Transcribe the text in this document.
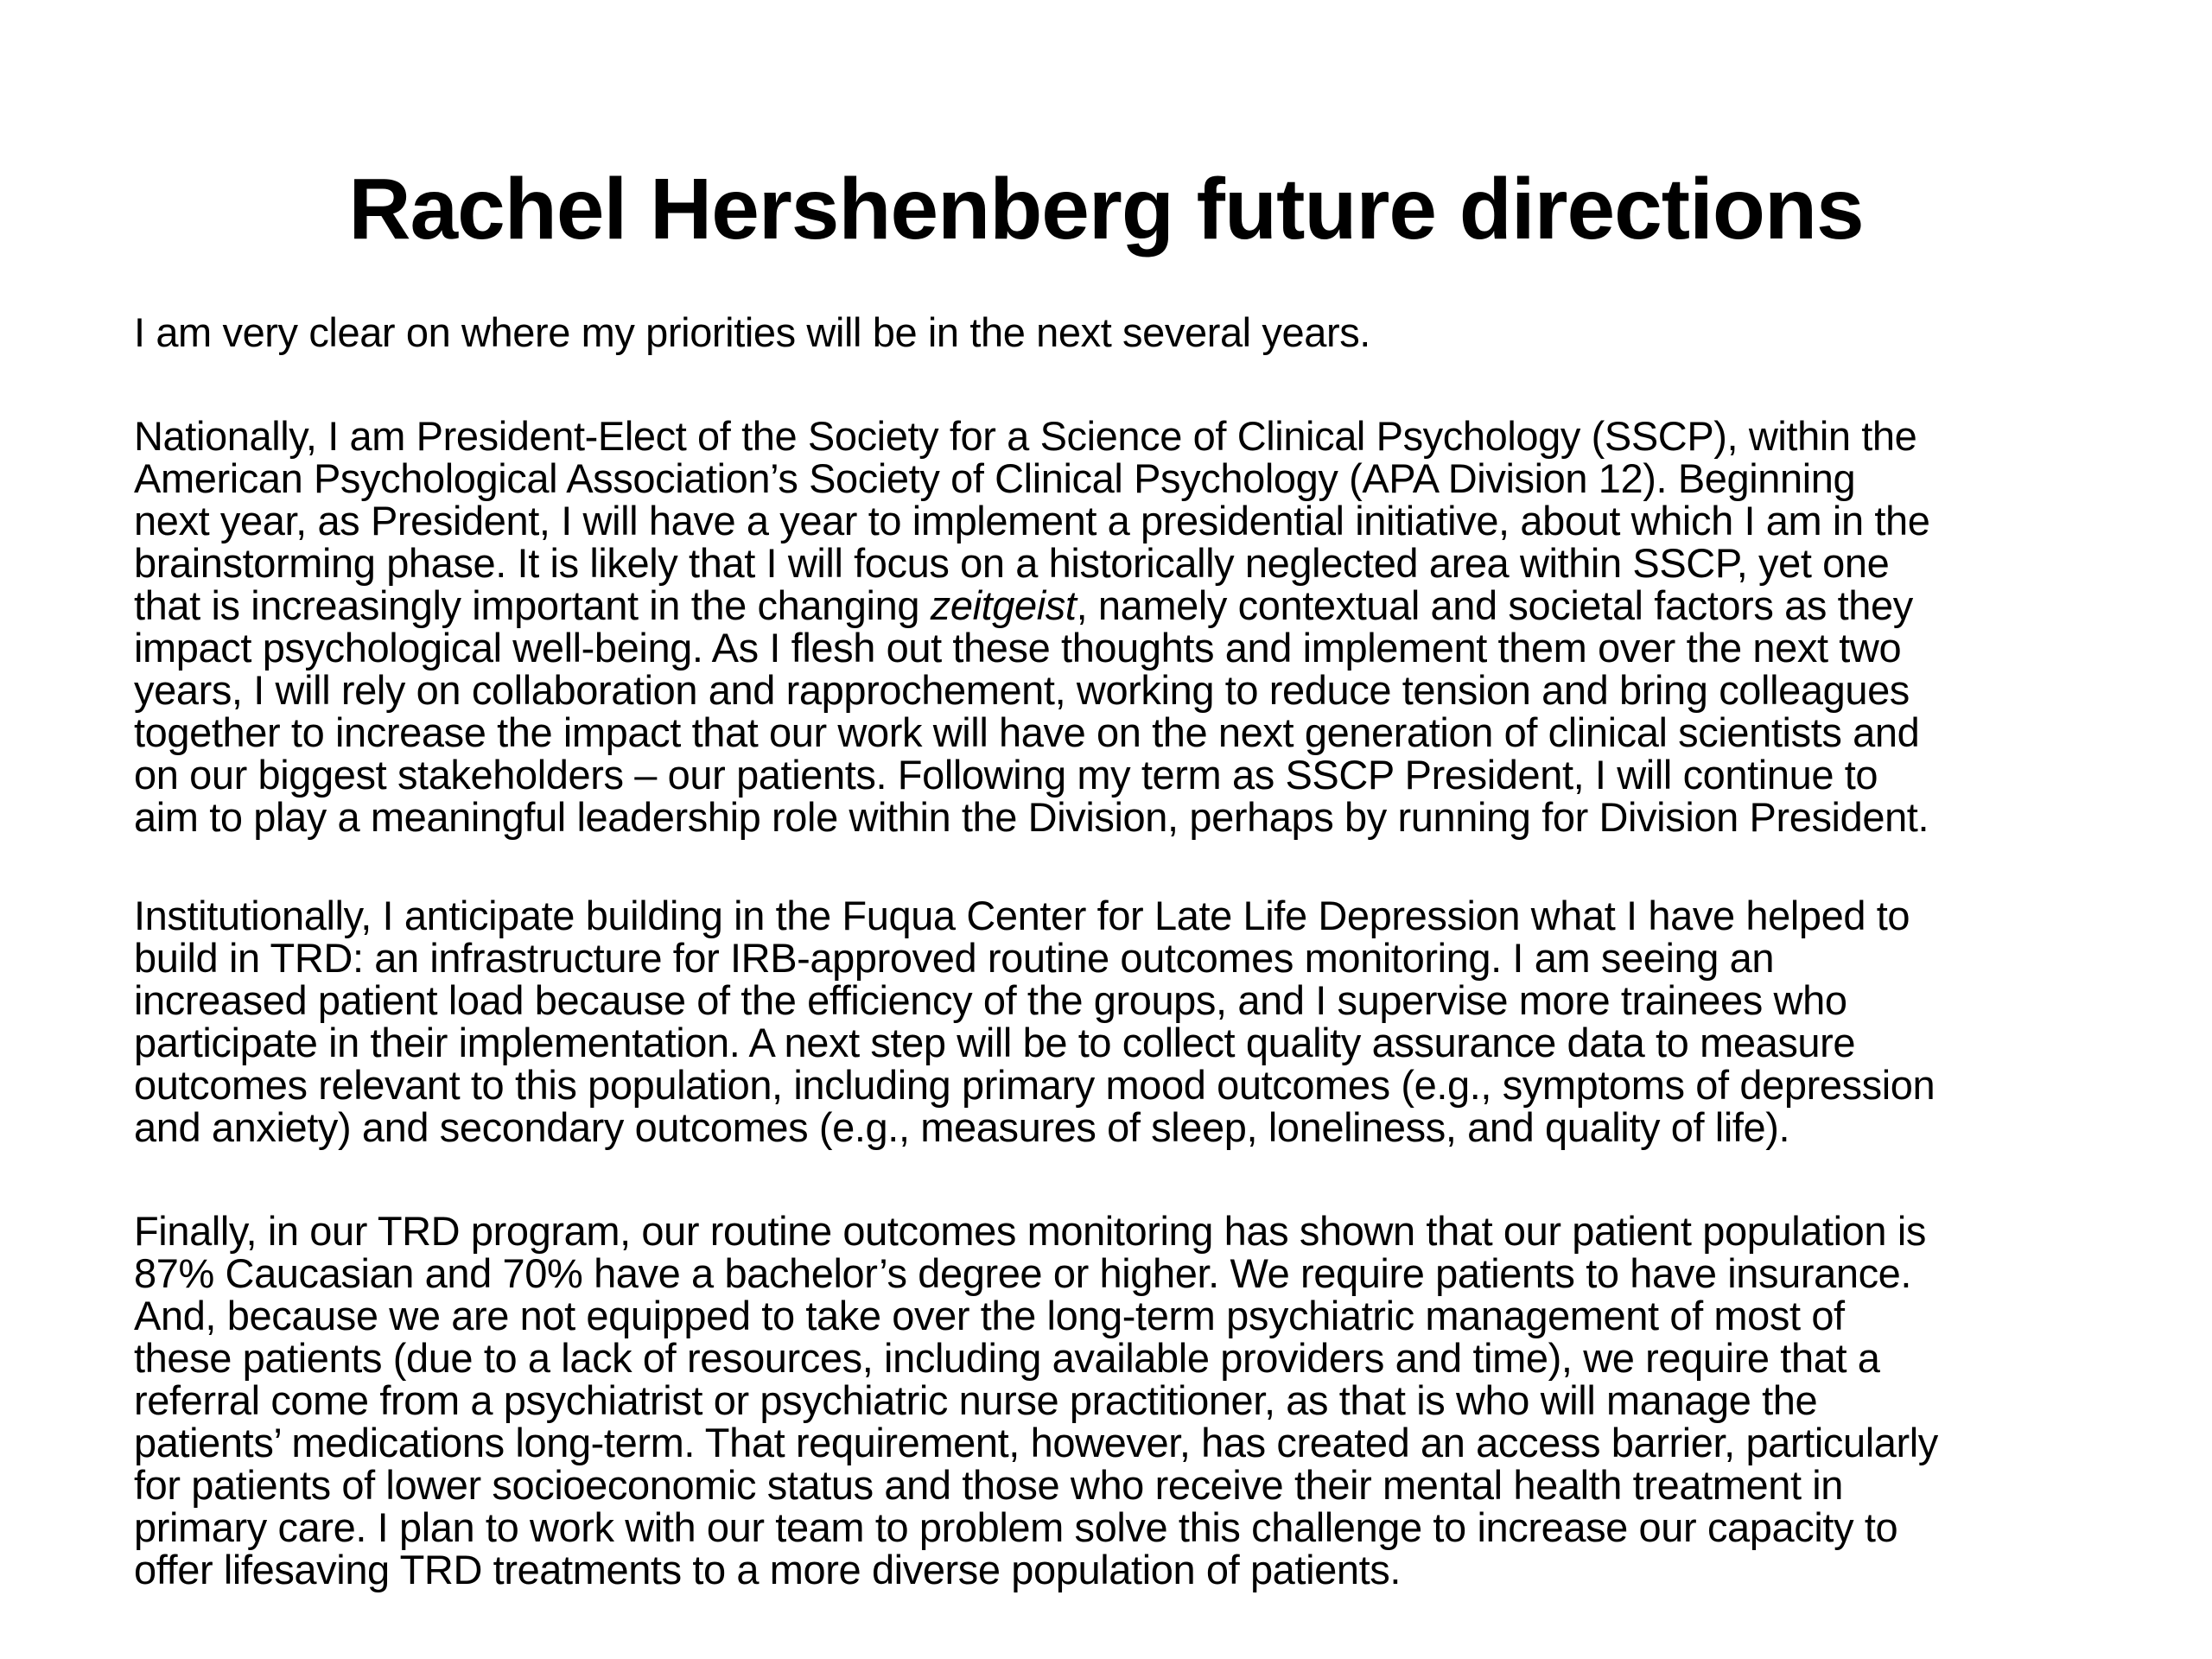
Rachel Hershenberg future directions

I am very clear on where my priorities will be in the next several years.

Nationally, I am President-Elect of the Society for a Science of Clinical Psychology (SSCP), within the
American Psychological Association’s Society of Clinical Psychology (APA Division 12). Beginning
next year, as President, I will have a year to implement a presidential initiative, about which I am in the
brainstorming phase. It is likely that I will focus on a historically neglected area within SSCP, yet one
that is increasingly important in the changing zeitgeist, namely contextual and societal factors as they
impact psychological well-being. As I flesh out these thoughts and implement them over the next two
years, I will rely on collaboration and rapprochement, working to reduce tension and bring colleagues
together to increase the impact that our work will have on the next generation of clinical scientists and
on our biggest stakeholders – our patients. Following my term as SSCP President, I will continue to
aim to play a meaningful leadership role within the Division, perhaps by running for Division President.

Institutionally, I anticipate building in the Fuqua Center for Late Life Depression what I have helped to
build in TRD: an infrastructure for IRB-approved routine outcomes monitoring. I am seeing an
increased patient load because of the efficiency of the groups, and I supervise more trainees who
participate in their implementation. A next step will be to collect quality assurance data to measure
outcomes relevant to this population, including primary mood outcomes (e.g., symptoms of depression
and anxiety) and secondary outcomes (e.g., measures of sleep, loneliness, and quality of life).

Finally, in our TRD program, our routine outcomes monitoring has shown that our patient population is
87% Caucasian and 70% have a bachelor’s degree or higher. We require patients to have insurance.
And, because we are not equipped to take over the long-term psychiatric management of most of
these patients (due to a lack of resources, including available providers and time), we require that a
referral come from a psychiatrist or psychiatric nurse practitioner, as that is who will manage the
patients’ medications long-term. That requirement, however, has created an access barrier, particularly
for patients of lower socioeconomic status and those who receive their mental health treatment in
primary care. I plan to work with our team to problem solve this challenge to increase our capacity to
offer lifesaving TRD treatments to a more diverse population of patients.
